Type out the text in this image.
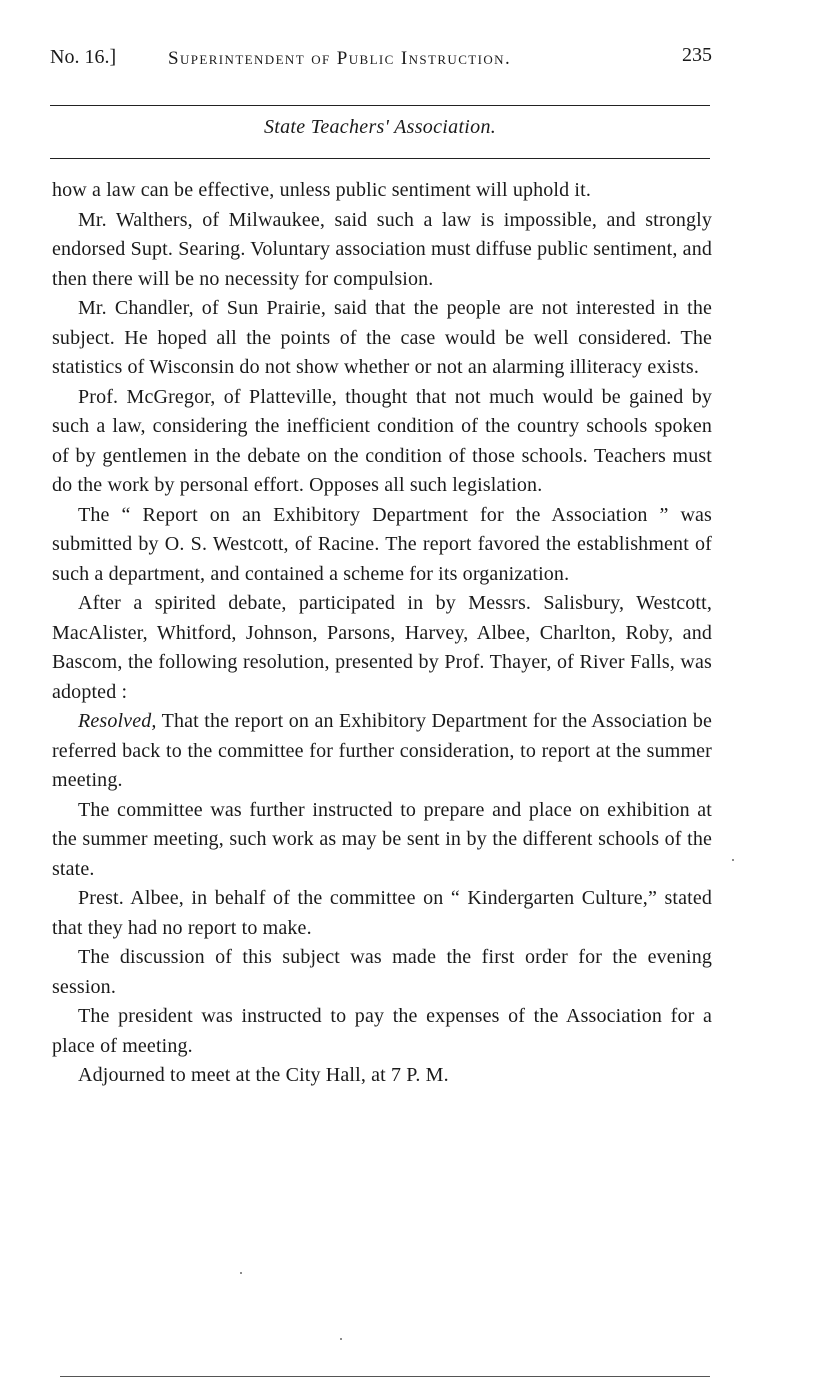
No. 16.]	Superintendent of Public Instruction.	235
State Teachers' Association.

how a law can be effective, unless public sentiment will uphold it.

Mr. Walthers, of Milwaukee, said such a law is impossible, and strongly endorsed Supt. Searing. Voluntary association must diffuse public sentiment, and then there will be no necessity for compulsion.

Mr. Chandler, of Sun Prairie, said that the people are not interested in the subject. He hoped all the points of the case would be well considered. The statistics of Wisconsin do not show whether or not an alarming illiteracy exists.

Prof. McGregor, of Platteville, thought that not much would be gained by such a law, considering the inefficient condition of the country schools spoken of by gentlemen in the debate on the condition of those schools. Teachers must do the work by personal effort. Opposes all such legislation.

The “ Report on an Exhibitory Department for the Association ” was submitted by O. S. Westcott, of Racine. The report favored the establishment of such a department, and contained a scheme for its organization.

After a spirited debate, participated in by Messrs. Salisbury, Westcott, MacAlister, Whitford, Johnson, Parsons, Harvey, Albee, Charlton, Roby, and Bascom, the following resolution, presented by Prof. Thayer, of River Falls, was adopted :

Resolved, That the report on an Exhibitory Department for the Association be referred back to the committee for further consideration, to report at the summer meeting.

The committee was further instructed to prepare and place on exhibition at the summer meeting, such work as may be sent in by the different schools of the state.

Prest. Albee, in behalf of the committee on “ Kindergarten Culture,” stated that they had no report to make.

The discussion of this subject was made the first order for the evening session.

The president was instructed to pay the expenses of the Association for a place of meeting.

Adjourned to meet at the City Hall, at 7 P. M.
